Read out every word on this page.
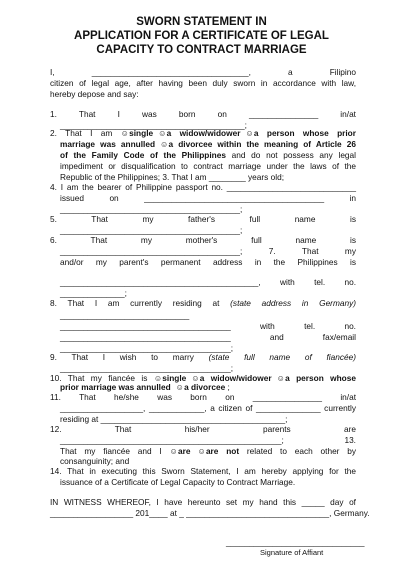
SWORN STATEMENT IN
APPLICATION FOR A CERTIFICATE OF LEGAL
CAPACITY TO CONTRACT MARRIAGE
I, __________________________________, a Filipino
citizen of legal age, after having been duly sworn in accordance with law,
hereby depose and say:
1. That I was born on _______________ in/at
________________________________________;
2. That I am ☺single ☺a widow/widower ☺a person whose prior
marriage was annulled ☺a divorcee within the meaning of Article 26
of the Family Code of the Philippines and do not possess any legal
impediment or disqualification to contract marriage under the laws of the
Republic of the Philippines; 3. That I am ________ years old;
4. I am the bearer of Philippine passport no. ____________________________
issued on _______________________________________ in
_______________________________________;
5. That my father's full name is
_______________________________________;
6. That my mother's full name is
_______________________________________; 7. That my
and/or my parent's permanent address in the Philippines is
___________________________________________, with tel. no.
______________;
8. That I am currently residing at (state address in Germany)
____________________________
_____________________________________ with tel. no.
_____________________________________ and fax/email
_____________________________________;
9. That I wish to marry (state full name of fiancée)
_____________________________________;
10. That my fiancée is ☺single ☺a widow/widower ☺a person whose
prior marriage was annulled ☺a divorcee ;
11. That he/she was born on _______________ in/at
__________________, ____________, a citizen of ______________ currently
residing at ________________________________________;
12. That his/her parents are
________________________________________________; 13.
That my fiancée and I ☺are ☺are not related to each other by
consanguinity; and
14. That in executing this Sworn Statement, I am hereby applying for the
issuance of a Certificate of Legal Capacity to Contract Marriage.
IN WITNESS WHEREOF, I have hereunto set my hand this _____ day of
__________________ 201____ at _ _______________________________, Germany.
______________________________
Signature of Affiant
